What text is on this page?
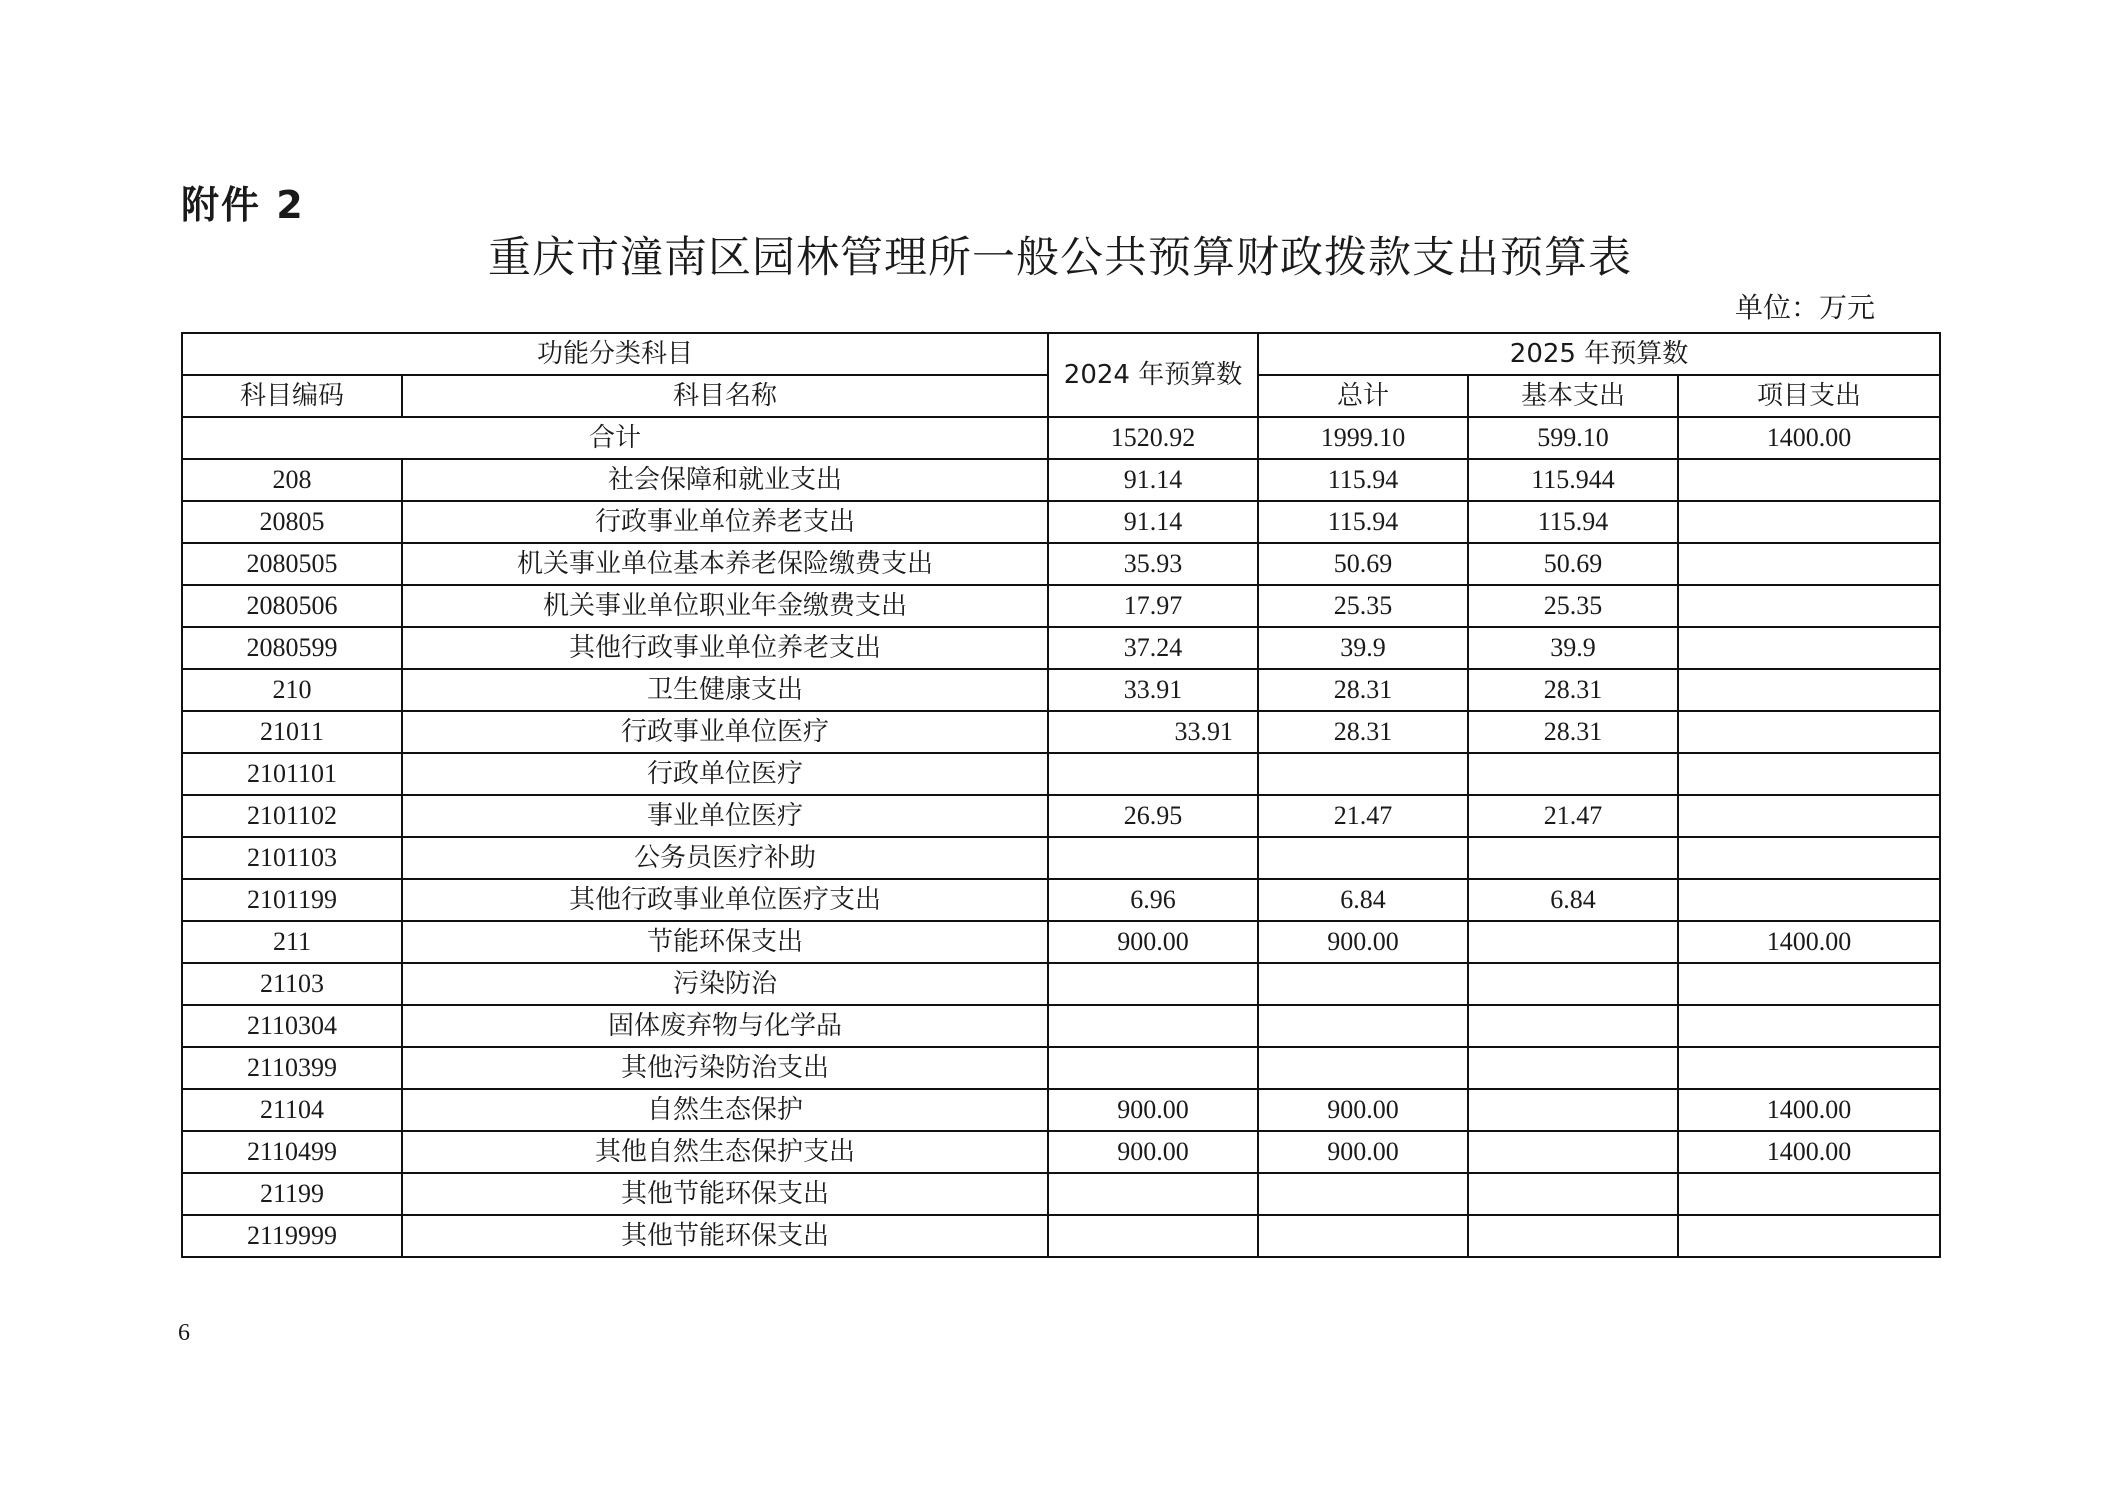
附件 2
重庆市潼南区园林管理所一般公共预算财政拨款支出预算表
单位：万元
功能分类科目		2024 年预算数	2025 年预算数		
科目编码	科目名称		总计	基本支出	项目支出
合计		1520.92	1999.10	599.10	1400.00
208	社会保障和就业支出	91.14	115.94	115.944	
20805	行政事业单位养老支出	91.14	115.94	115.94	
2080505	机关事业单位基本养老保险缴费支出	35.93	50.69	50.69	
2080506	机关事业单位职业年金缴费支出	17.97	25.35	25.35	
2080599	其他行政事业单位养老支出	37.24	39.9	39.9	
210	卫生健康支出	33.91	28.31	28.31	
21011	行政事业单位医疗	33.91	28.31	28.31	
2101101	行政单位医疗				
2101102	事业单位医疗	26.95	21.47	21.47	
2101103	公务员医疗补助				
2101199	其他行政事业单位医疗支出	6.96	6.84	6.84	
211	节能环保支出	900.00	900.00		1400.00
21103	污染防治				
2110304	固体废弃物与化学品				
2110399	其他污染防治支出				
21104	自然生态保护	900.00	900.00		1400.00
2110499	其他自然生态保护支出	900.00	900.00		1400.00
21199	其他节能环保支出				
2119999	其他节能环保支出				
6
